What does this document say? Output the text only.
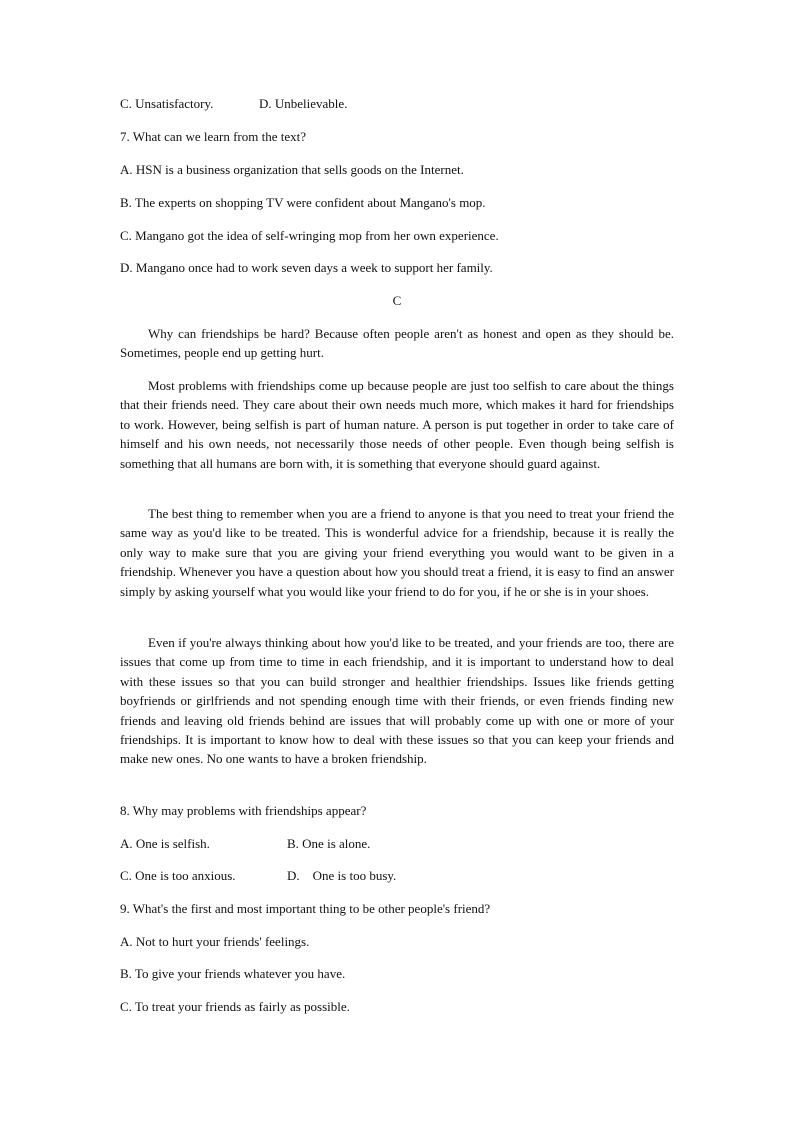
C. Unsatisfactory.	D. Unbelievable.
7. What can we learn from the text?
A. HSN is a business organization that sells goods on the Internet.
B. The experts on shopping TV were confident about Mangano's mop.
C. Mangano got the idea of self-wringing mop from her own experience.
D. Mangano once had to work seven days a week to support her family.
C

Why can friendships be hard? Because often people aren't as honest and open as they should be. Sometimes, people end up getting hurt.

Most problems with friendships come up because people are just too selfish to care about the things that their friends need. They care about their own needs much more, which makes it hard for friendships to work. However, being selfish is part of human nature. A person is put together in order to take care of himself and his own needs, not necessarily those needs of other people. Even though being selfish is something that all humans are born with, it is something that everyone should guard against.

The best thing to remember when you are a friend to anyone is that you need to treat your friend the same way as you'd like to be treated. This is wonderful advice for a friendship, because it is really the only way to make sure that you are giving your friend everything you would want to be given in a friendship. Whenever you have a question about how you should treat a friend, it is easy to find an answer simply by asking yourself what you would like your friend to do for you, if he or she is in your shoes.

Even if you're always thinking about how you'd like to be treated, and your friends are too, there are issues that come up from time to time in each friendship, and it is important to understand how to deal with these issues so that you can build stronger and healthier friendships. Issues like friends getting boyfriends or girlfriends and not spending enough time with their friends, or even friends finding new friends and leaving old friends behind are issues that will probably come up with one or more of your friendships. It is important to know how to deal with these issues so that you can keep your friends and make new ones. No one wants to have a broken friendship.

8. Why may problems with friendships appear?
A. One is selfish.	B. One is alone.
C. One is too anxious.	D.    One is too busy.
9. What's the first and most important thing to be other people's friend?
A. Not to hurt your friends' feelings.
B. To give your friends whatever you have.
C. To treat your friends as fairly as possible.
